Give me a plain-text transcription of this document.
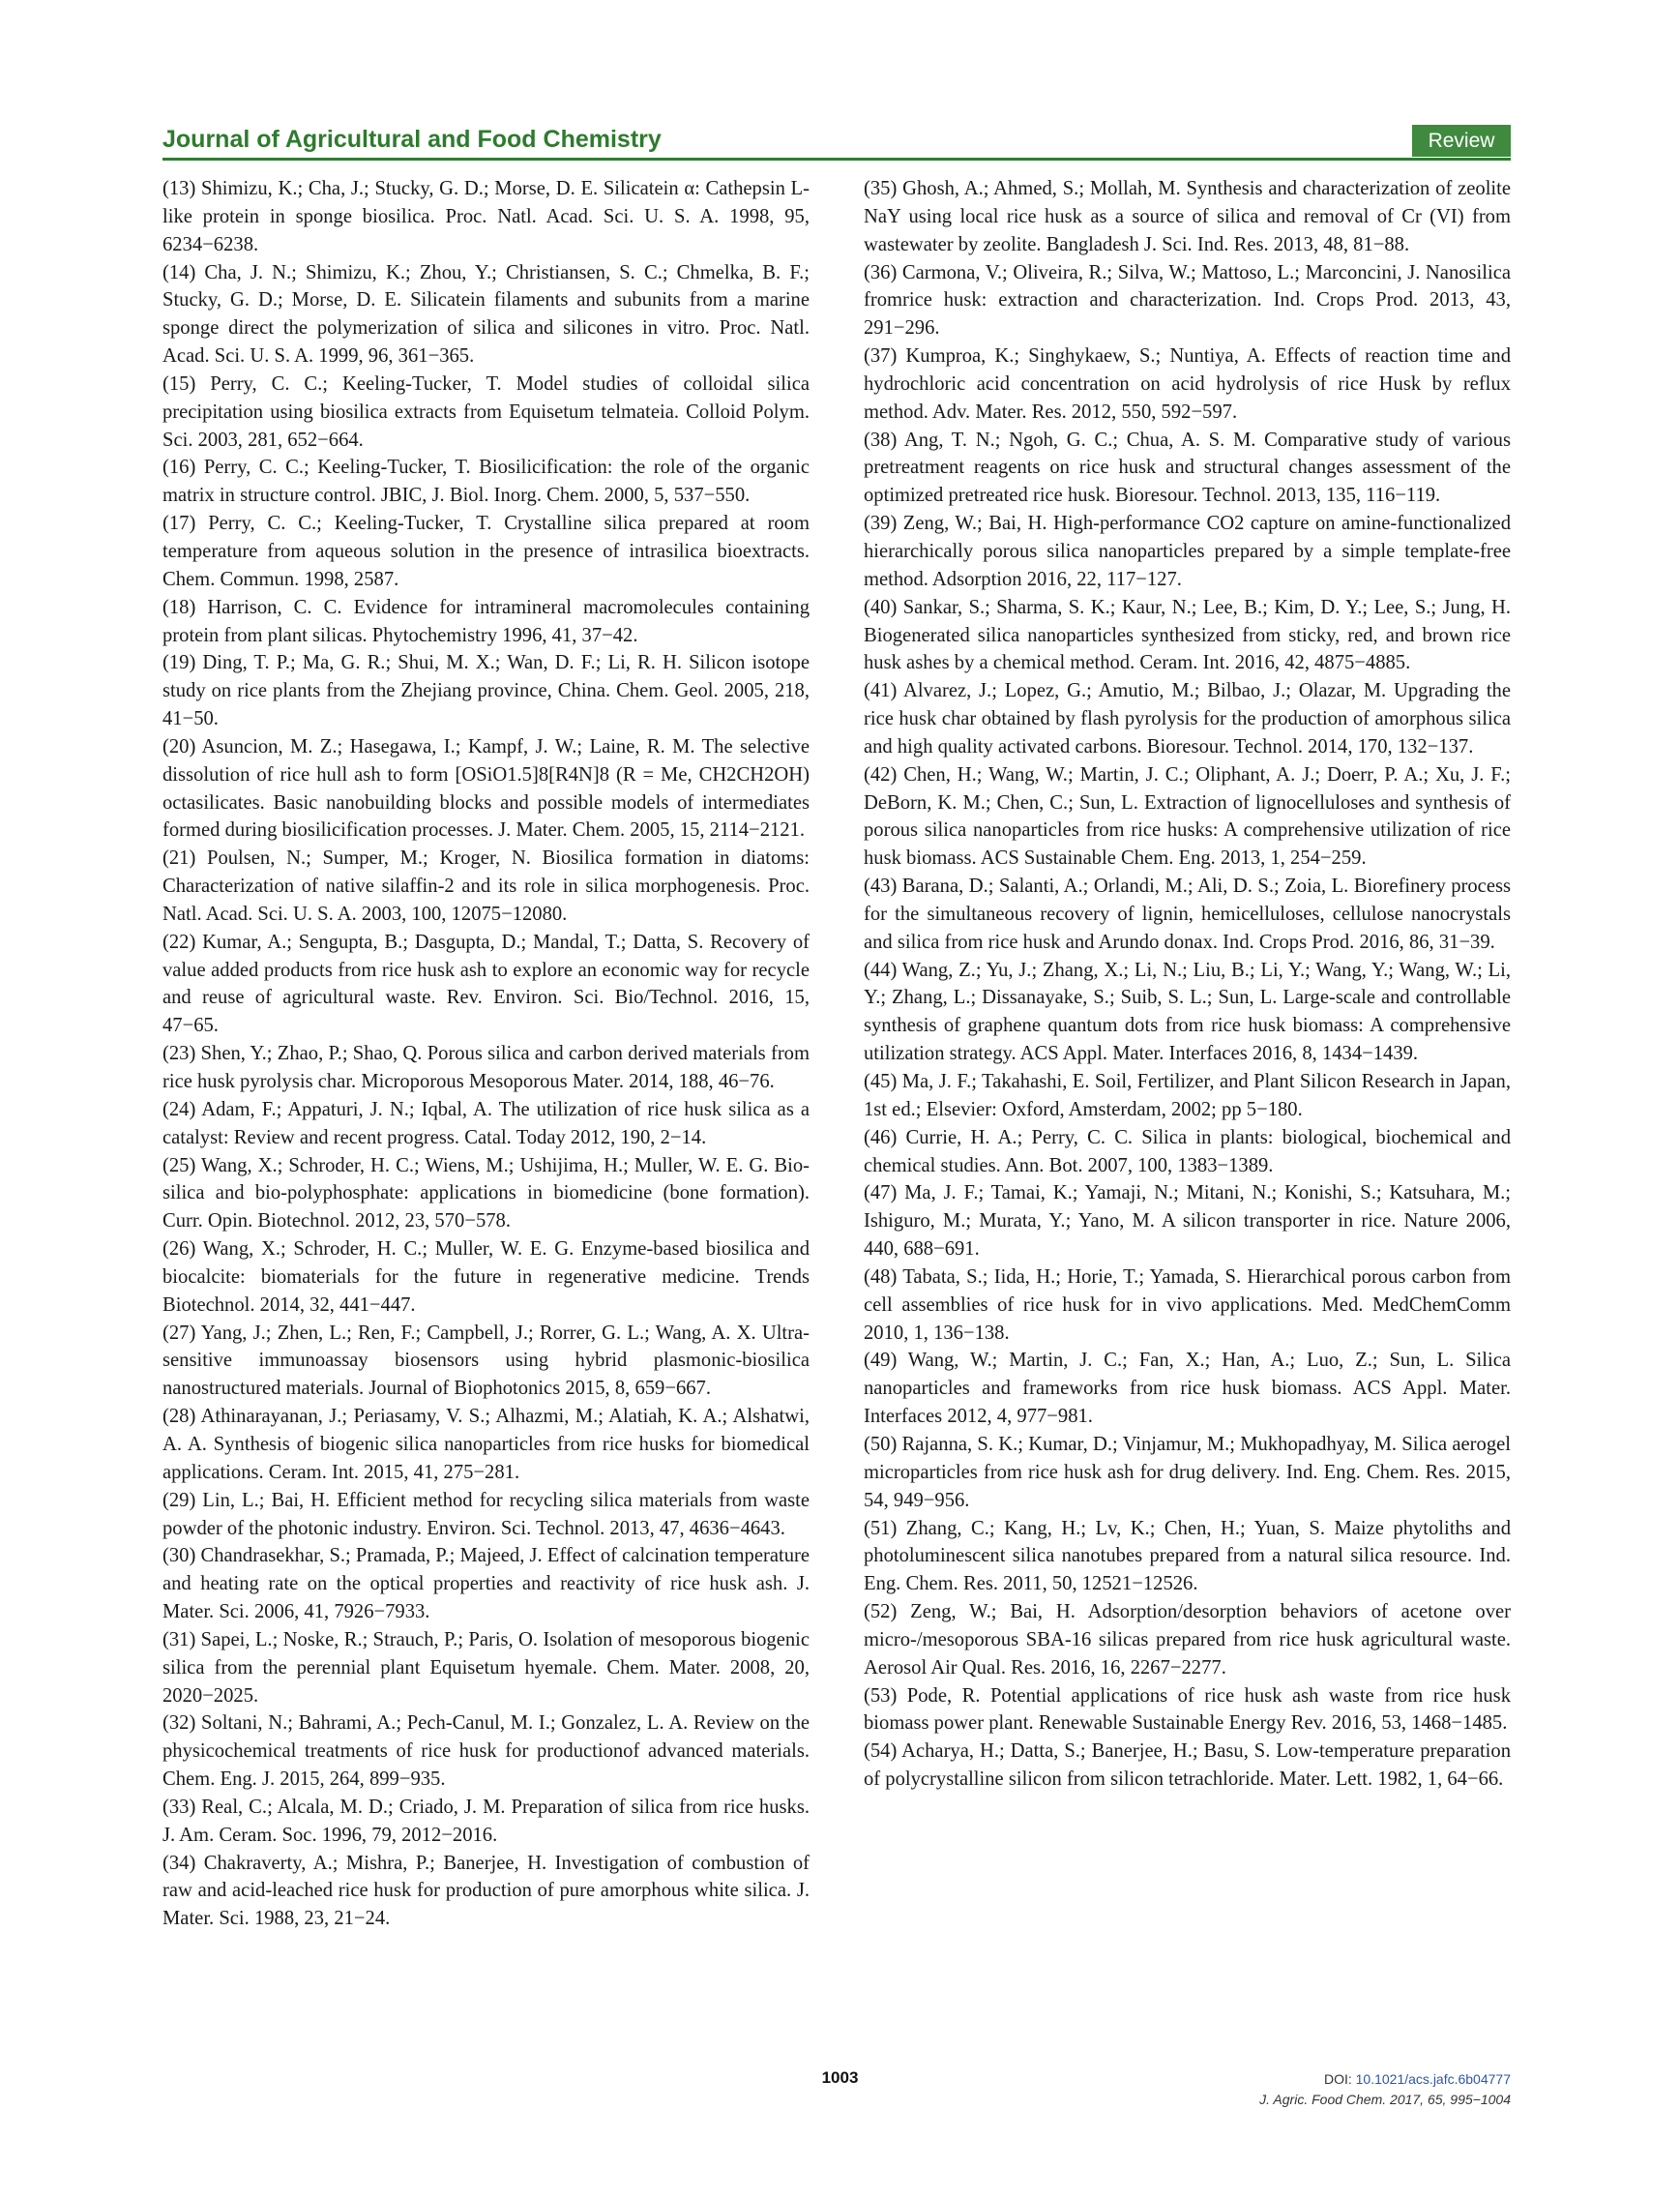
Journal of Agricultural and Food Chemistry	Review

(13) Shimizu, K.; Cha, J.; Stucky, G. D.; Morse, D. E. Silicatein α: Cathepsin L-like protein in sponge biosilica. Proc. Natl. Acad. Sci. U. S. A. 1998, 95, 6234−6238.

(14) Cha, J. N.; Shimizu, K.; Zhou, Y.; Christiansen, S. C.; Chmelka, B. F.; Stucky, G. D.; Morse, D. E. Silicatein filaments and subunits from a marine sponge direct the polymerization of silica and silicones in vitro. Proc. Natl. Acad. Sci. U. S. A. 1999, 96, 361−365.

(15) Perry, C. C.; Keeling-Tucker, T. Model studies of colloidal silica precipitation using biosilica extracts from Equisetum telmateia. Colloid Polym. Sci. 2003, 281, 652−664.

(16) Perry, C. C.; Keeling-Tucker, T. Biosilicification: the role of the organic matrix in structure control. JBIC, J. Biol. Inorg. Chem. 2000, 5, 537−550.

(17) Perry, C. C.; Keeling-Tucker, T. Crystalline silica prepared at room temperature from aqueous solution in the presence of intrasilica bioextracts. Chem. Commun. 1998, 2587.

(18) Harrison, C. C. Evidence for intramineral macromolecules containing protein from plant silicas. Phytochemistry 1996, 41, 37−42.

(19) Ding, T. P.; Ma, G. R.; Shui, M. X.; Wan, D. F.; Li, R. H. Silicon isotope study on rice plants from the Zhejiang province, China. Chem. Geol. 2005, 218, 41−50.

(20) Asuncion, M. Z.; Hasegawa, I.; Kampf, J. W.; Laine, R. M. The selective dissolution of rice hull ash to form [OSiO1.5]8[R4N]8 (R = Me, CH2CH2OH) octasilicates. Basic nanobuilding blocks and possible models of intermediates formed during biosilicification processes. J. Mater. Chem. 2005, 15, 2114−2121.

(21) Poulsen, N.; Sumper, M.; Kroger, N. Biosilica formation in diatoms: Characterization of native silaffin-2 and its role in silica morphogenesis. Proc. Natl. Acad. Sci. U. S. A. 2003, 100, 12075−12080.

(22) Kumar, A.; Sengupta, B.; Dasgupta, D.; Mandal, T.; Datta, S. Recovery of value added products from rice husk ash to explore an economic way for recycle and reuse of agricultural waste. Rev. Environ. Sci. Bio/Technol. 2016, 15, 47−65.

(23) Shen, Y.; Zhao, P.; Shao, Q. Porous silica and carbon derived materials from rice husk pyrolysis char. Microporous Mesoporous Mater. 2014, 188, 46−76.

(24) Adam, F.; Appaturi, J. N.; Iqbal, A. The utilization of rice husk silica as a catalyst: Review and recent progress. Catal. Today 2012, 190, 2−14.

(25) Wang, X.; Schroder, H. C.; Wiens, M.; Ushijima, H.; Muller, W. E. G. Bio-silica and bio-polyphosphate: applications in biomedicine (bone formation). Curr. Opin. Biotechnol. 2012, 23, 570−578.

(26) Wang, X.; Schroder, H. C.; Muller, W. E. G. Enzyme-based biosilica and biocalcite: biomaterials for the future in regenerative medicine. Trends Biotechnol. 2014, 32, 441−447.

(27) Yang, J.; Zhen, L.; Ren, F.; Campbell, J.; Rorrer, G. L.; Wang, A. X. Ultra-sensitive immunoassay biosensors using hybrid plasmonic-biosilica nanostructured materials. Journal of Biophotonics 2015, 8, 659−667.

(28) Athinarayanan, J.; Periasamy, V. S.; Alhazmi, M.; Alatiah, K. A.; Alshatwi, A. A. Synthesis of biogenic silica nanoparticles from rice husks for biomedical applications. Ceram. Int. 2015, 41, 275−281.

(29) Lin, L.; Bai, H. Efficient method for recycling silica materials from waste powder of the photonic industry. Environ. Sci. Technol. 2013, 47, 4636−4643.

(30) Chandrasekhar, S.; Pramada, P.; Majeed, J. Effect of calcination temperature and heating rate on the optical properties and reactivity of rice husk ash. J. Mater. Sci. 2006, 41, 7926−7933.

(31) Sapei, L.; Noske, R.; Strauch, P.; Paris, O. Isolation of mesoporous biogenic silica from the perennial plant Equisetum hyemale. Chem. Mater. 2008, 20, 2020−2025.

(32) Soltani, N.; Bahrami, A.; Pech-Canul, M. I.; Gonzalez, L. A. Review on the physicochemical treatments of rice husk for productionof advanced materials. Chem. Eng. J. 2015, 264, 899−935.

(33) Real, C.; Alcala, M. D.; Criado, J. M. Preparation of silica from rice husks. J. Am. Ceram. Soc. 1996, 79, 2012−2016.

(34) Chakraverty, A.; Mishra, P.; Banerjee, H. Investigation of combustion of raw and acid-leached rice husk for production of pure amorphous white silica. J. Mater. Sci. 1988, 23, 21−24.

(35) Ghosh, A.; Ahmed, S.; Mollah, M. Synthesis and characterization of zeolite NaY using local rice husk as a source of silica and removal of Cr (VI) from wastewater by zeolite. Bangladesh J. Sci. Ind. Res. 2013, 48, 81−88.

(36) Carmona, V.; Oliveira, R.; Silva, W.; Mattoso, L.; Marconcini, J. Nanosilica fromrice husk: extraction and characterization. Ind. Crops Prod. 2013, 43, 291−296.

(37) Kumproa, K.; Singhykaew, S.; Nuntiya, A. Effects of reaction time and hydrochloric acid concentration on acid hydrolysis of rice Husk by reflux method. Adv. Mater. Res. 2012, 550, 592−597.

(38) Ang, T. N.; Ngoh, G. C.; Chua, A. S. M. Comparative study of various pretreatment reagents on rice husk and structural changes assessment of the optimized pretreated rice husk. Bioresour. Technol. 2013, 135, 116−119.

(39) Zeng, W.; Bai, H. High-performance CO2 capture on amine-functionalized hierarchically porous silica nanoparticles prepared by a simple template-free method. Adsorption 2016, 22, 117−127.

(40) Sankar, S.; Sharma, S. K.; Kaur, N.; Lee, B.; Kim, D. Y.; Lee, S.; Jung, H. Biogenerated silica nanoparticles synthesized from sticky, red, and brown rice husk ashes by a chemical method. Ceram. Int. 2016, 42, 4875−4885.

(41) Alvarez, J.; Lopez, G.; Amutio, M.; Bilbao, J.; Olazar, M. Upgrading the rice husk char obtained by flash pyrolysis for the production of amorphous silica and high quality activated carbons. Bioresour. Technol. 2014, 170, 132−137.

(42) Chen, H.; Wang, W.; Martin, J. C.; Oliphant, A. J.; Doerr, P. A.; Xu, J. F.; DeBorn, K. M.; Chen, C.; Sun, L. Extraction of lignocelluloses and synthesis of porous silica nanoparticles from rice husks: A comprehensive utilization of rice husk biomass. ACS Sustainable Chem. Eng. 2013, 1, 254−259.

(43) Barana, D.; Salanti, A.; Orlandi, M.; Ali, D. S.; Zoia, L. Biorefinery process for the simultaneous recovery of lignin, hemicelluloses, cellulose nanocrystals and silica from rice husk and Arundo donax. Ind. Crops Prod. 2016, 86, 31−39.

(44) Wang, Z.; Yu, J.; Zhang, X.; Li, N.; Liu, B.; Li, Y.; Wang, Y.; Wang, W.; Li, Y.; Zhang, L.; Dissanayake, S.; Suib, S. L.; Sun, L. Large-scale and controllable synthesis of graphene quantum dots from rice husk biomass: A comprehensive utilization strategy. ACS Appl. Mater. Interfaces 2016, 8, 1434−1439.

(45) Ma, J. F.; Takahashi, E. Soil, Fertilizer, and Plant Silicon Research in Japan, 1st ed.; Elsevier: Oxford, Amsterdam, 2002; pp 5−180.

(46) Currie, H. A.; Perry, C. C. Silica in plants: biological, biochemical and chemical studies. Ann. Bot. 2007, 100, 1383−1389.

(47) Ma, J. F.; Tamai, K.; Yamaji, N.; Mitani, N.; Konishi, S.; Katsuhara, M.; Ishiguro, M.; Murata, Y.; Yano, M. A silicon transporter in rice. Nature 2006, 440, 688−691.

(48) Tabata, S.; Iida, H.; Horie, T.; Yamada, S. Hierarchical porous carbon from cell assemblies of rice husk for in vivo applications. Med. MedChemComm 2010, 1, 136−138.

(49) Wang, W.; Martin, J. C.; Fan, X.; Han, A.; Luo, Z.; Sun, L. Silica nanoparticles and frameworks from rice husk biomass. ACS Appl. Mater. Interfaces 2012, 4, 977−981.

(50) Rajanna, S. K.; Kumar, D.; Vinjamur, M.; Mukhopadhyay, M. Silica aerogel microparticles from rice husk ash for drug delivery. Ind. Eng. Chem. Res. 2015, 54, 949−956.

(51) Zhang, C.; Kang, H.; Lv, K.; Chen, H.; Yuan, S. Maize phytoliths and photoluminescent silica nanotubes prepared from a natural silica resource. Ind. Eng. Chem. Res. 2011, 50, 12521−12526.

(52) Zeng, W.; Bai, H. Adsorption/desorption behaviors of acetone over micro-/mesoporous SBA-16 silicas prepared from rice husk agricultural waste. Aerosol Air Qual. Res. 2016, 16, 2267−2277.

(53) Pode, R. Potential applications of rice husk ash waste from rice husk biomass power plant. Renewable Sustainable Energy Rev. 2016, 53, 1468−1485.

(54) Acharya, H.; Datta, S.; Banerjee, H.; Basu, S. Low-temperature preparation of polycrystalline silicon from silicon tetrachloride. Mater. Lett. 1982, 1, 64−66.

1003	DOI: 10.1021/acs.jafc.6b04777
J. Agric. Food Chem. 2017, 65, 995−1004
